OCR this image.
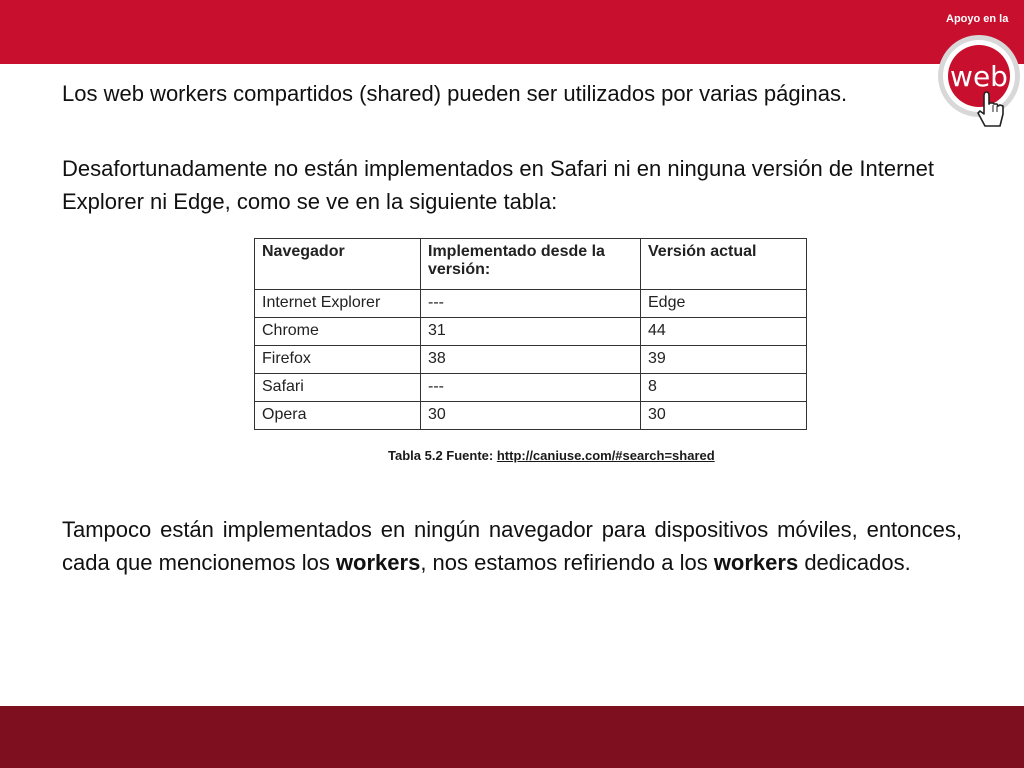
Apoyo en la
web

Los web workers compartidos (shared) pueden ser utilizados por varias páginas.

Desafortunadamente no están implementados en Safari ni en ninguna versión de Internet Explorer ni Edge, como se ve en la siguiente tabla:

Navegador	Implementado desde la versión:	Versión actual
Internet Explorer	---	Edge
Chrome	31	44
Firefox	38	39
Safari	---	8
Opera	30	30
Tabla 5.2 Fuente: http://caniuse.com/#search=shared

Tampoco están implementados en ningún navegador para dispositivos móviles, entonces, cada que mencionemos los workers, nos estamos refiriendo a los workers dedicados.
